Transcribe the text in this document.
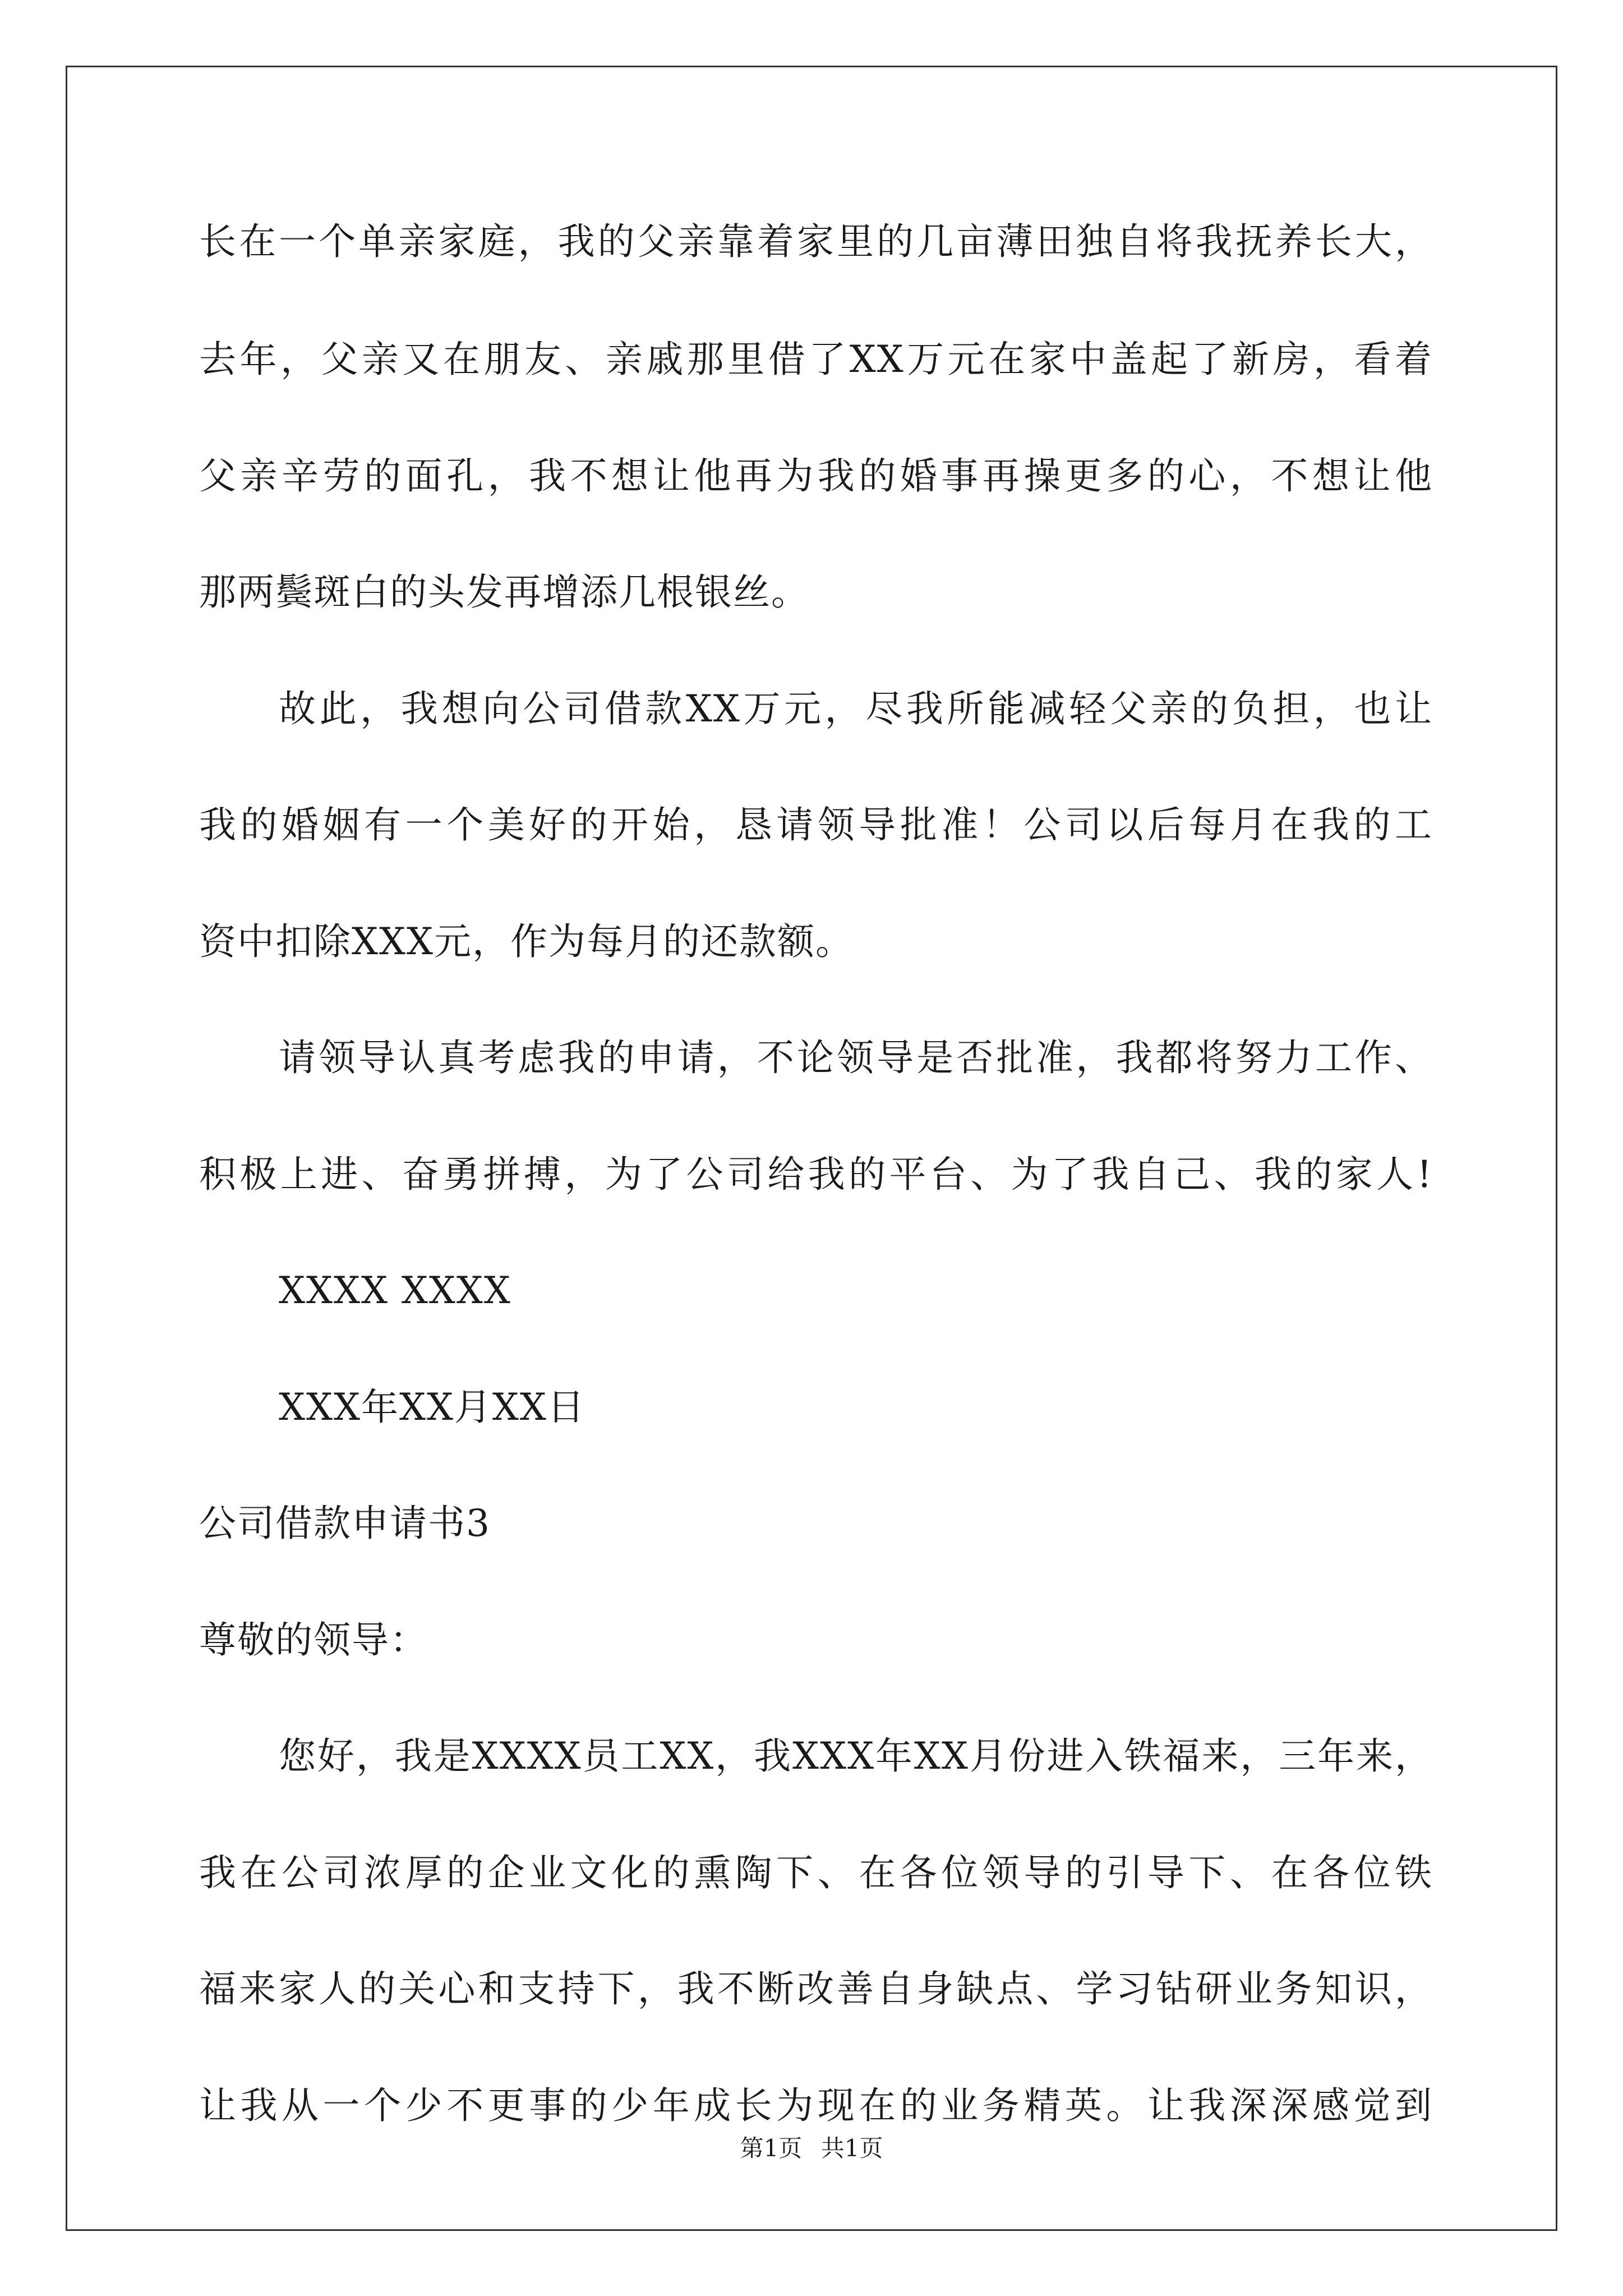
长在一个单亲家庭，我的父亲靠着家里的几亩薄田独自将我抚养长大，
去年，父亲又在朋友、亲戚那里借了XX万元在家中盖起了新房，看着
父亲辛劳的面孔，我不想让他再为我的婚事再操更多的心，不想让他
那两鬓斑白的头发再增添几根银丝。
故此，我想向公司借款XX万元，尽我所能减轻父亲的负担，也让
我的婚姻有一个美好的开始，恳请领导批准！公司以后每月在我的工
资中扣除XXX元，作为每月的还款额。
请领导认真考虑我的申请，不论领导是否批准，我都将努力工作、
积极上进、奋勇拼搏，为了公司给我的平台、为了我自己、我的家人!
XXXX XXXX
XXX年XX月XX日
公司借款申请书3
尊敬的领导：
您好，我是XXXX员工XX，我XXX年XX月份进入铁福来，三年来，
我在公司浓厚的企业文化的熏陶下、在各位领导的引导下、在各位铁
福来家人的关心和支持下，我不断改善自身缺点、学习钻研业务知识，
让我从一个少不更事的少年成长为现在的业务精英。让我深深感觉到
第1页 共1页
